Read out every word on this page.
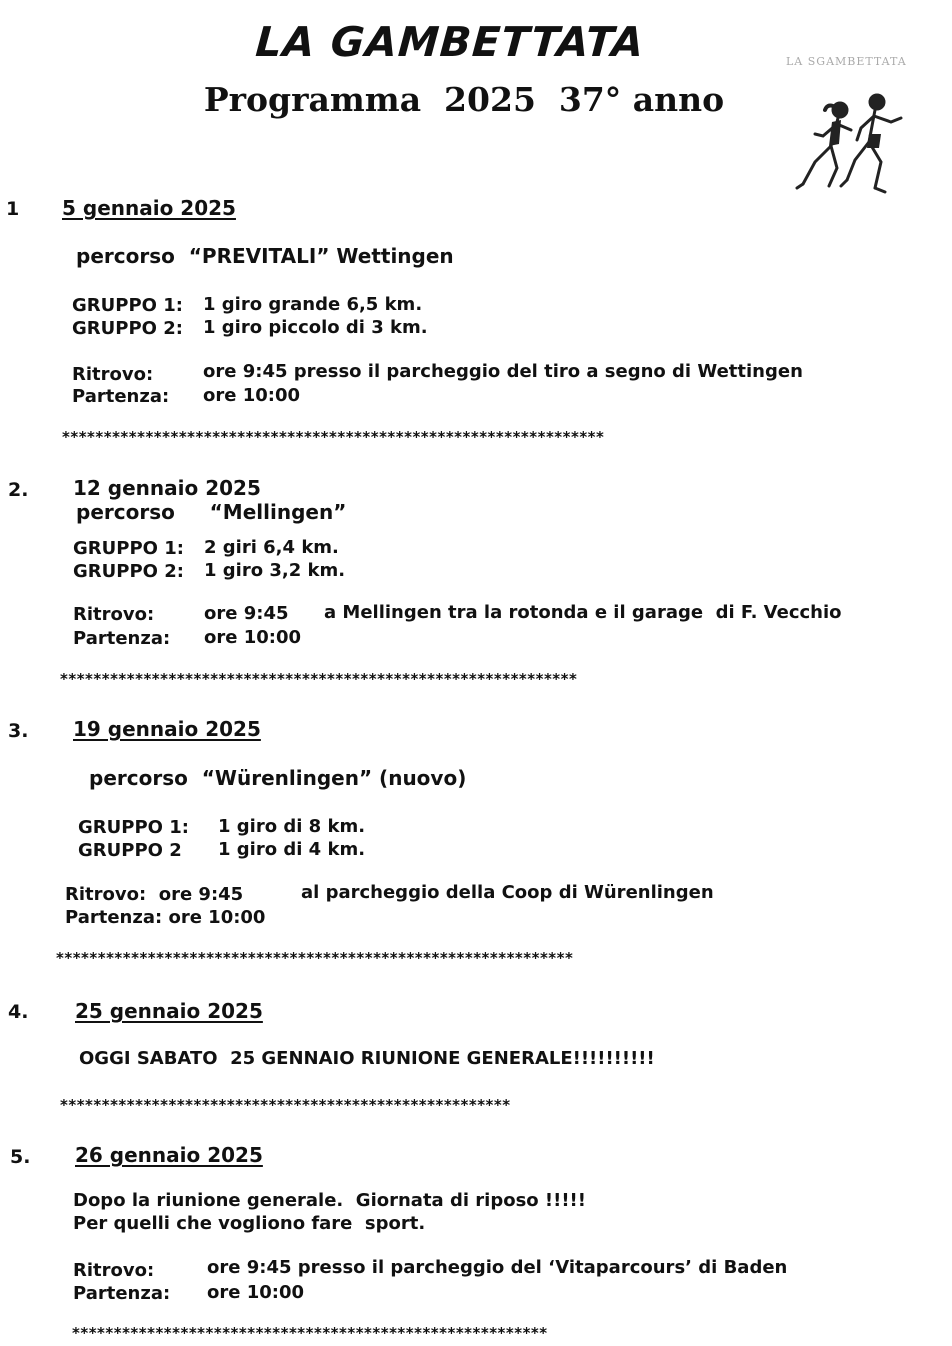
LA GAMBETTATA
Programma  2025  37° anno
LA SGAMBETTATA
1 5 gennaio 2025
percorso  “PREVITALI” Wettingen
GRUPPO 1: 1 giro grande 6,5 km.
GRUPPO 2: 1 giro piccolo di 3 km.
Ritrovo:	ore 9:45 presso il parcheggio del tiro a segno di Wettingen
Partenza: ore 10:00
*****************************************************************
2. 12 gennaio 2025
percorso     “Mellingen”
GRUPPO 1: 2 giri 6,4 km.
GRUPPO 2: 1 giro 3,2 km.
Ritrovo:	ore 9:45 a Mellingen tra la rotonda e il garage  di F. Vecchio
Partenza: ore 10:00
**************************************************************
3. 19 gennaio 2025
percorso  “Würenlingen” (nuovo)
GRUPPO 1: 1 giro di 8 km.
GRUPPO 2 1 giro di 4 km.
Ritrovo:  ore 9:45	al parcheggio della Coop di Würenlingen
Partenza: ore 10:00
**************************************************************
4. 25 gennaio 2025
OGGI SABATO  25 GENNAIO RIUNIONE GENERALE!!!!!!!!!!
******************************************************
5. 26 gennaio 2025
Dopo la riunione generale.  Giornata di riposo !!!!!
Per quelli che vogliono fare  sport.
Ritrovo:	ore 9:45 presso il parcheggio del ‘Vitaparcours’ di Baden
Partenza: ore 10:00
*********************************************************
